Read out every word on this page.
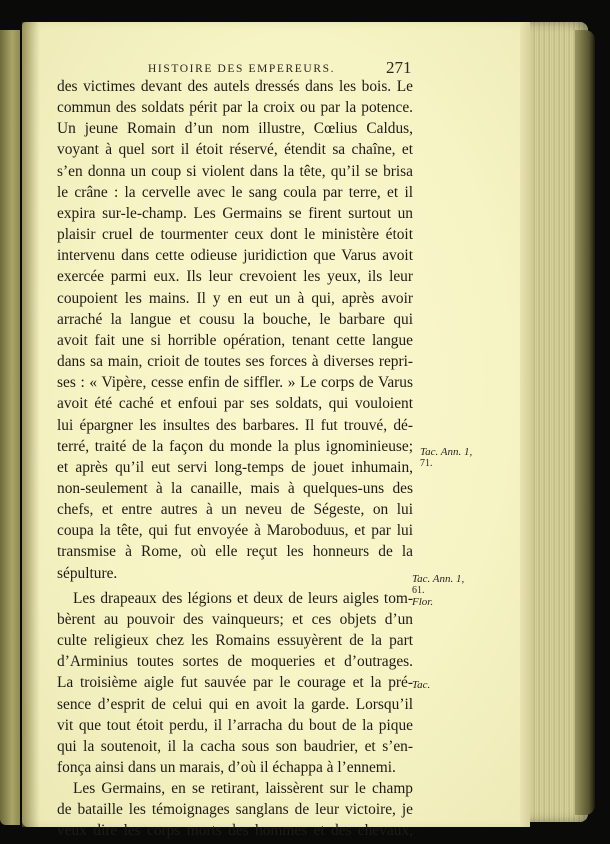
HISTOIRE DES EMPEREURS.	271
des victimes devant des autels dressés dans les bois. Le
commun des soldats périt par la croix ou par la potence.
Un jeune Romain d’un nom illustre, Cœlius Caldus,
voyant à quel sort il étoit réservé, étendit sa chaîne, et
s’en donna un coup si violent dans la tête, qu’il se brisa
le crâne : la cervelle avec le sang coula par terre, et il
expira sur-le-champ. Les Germains se firent surtout un
plaisir cruel de tourmenter ceux dont le ministère étoit
intervenu dans cette odieuse juridiction que Varus avoit
exercée parmi eux. Ils leur crevoient les yeux, ils leur
coupoient les mains. Il y en eut un à qui, après avoir
arraché la langue et cousu la bouche, le barbare qui
avoit fait une si horrible opération, tenant cette langue
dans sa main, crioit de toutes ses forces à diverses repri-
ses : « Vipère, cesse enfin de siffler. » Le corps de Varus
avoit été caché et enfoui par ses soldats, qui vouloient
lui épargner les insultes des barbares. Il fut trouvé, dé-
terré, traité de la façon du monde la plus ignominieuse;
et après qu’il eut servi long-temps de jouet inhumain,
non-seulement à la canaille, mais à quelques-uns des
chefs, et entre autres à un neveu de Ségeste, on lui
coupa la tête, qui fut envoyée à Maroboduus, et par lui
transmise à Rome, où elle reçut les honneurs de la
sépulture.
Les drapeaux des légions et deux de leurs aigles tom-
bèrent au pouvoir des vainqueurs; et ces objets d’un
culte religieux chez les Romains essuyèrent de la part
d’Arminius toutes sortes de moqueries et d’outrages.
La troisième aigle fut sauvée par le courage et la pré-
sence d’esprit de celui qui en avoit la garde. Lorsqu’il
vit que tout étoit perdu, il l’arracha du bout de la pique
qui la soutenoit, il la cacha sous son baudrier, et s’en-
fonça ainsi dans un marais, d’où il échappa à l’ennemi.
Les Germains, en se retirant, laissèrent sur le champ
de bataille les témoignages sanglans de leur victoire, je
veux dire les corps morts des hommes et des chevaux,
Tac. Ann. 1,
71.
Tac. Ann. 1,
61.
Flor.
Tac.
